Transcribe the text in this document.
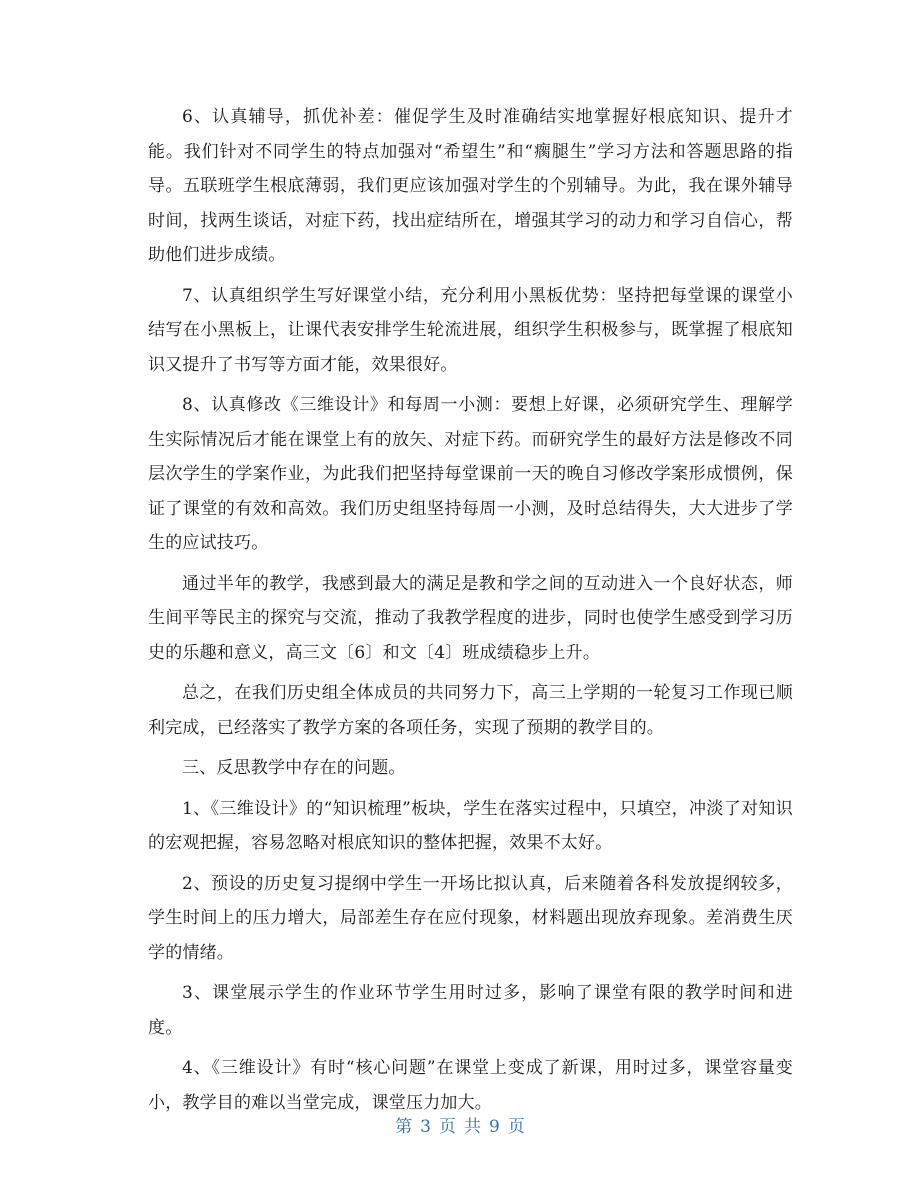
6、认真辅导，抓优补差：催促学生及时准确结实地掌握好根底知识、提升才能。我们针对不同学生的特点加强对“希望生”和“瘸腿生”学习方法和答题思路的指导。五联班学生根底薄弱，我们更应该加强对学生的个别辅导。为此，我在课外辅导时间，找两生谈话，对症下药，找出症结所在，增强其学习的动力和学习自信心，帮助他们进步成绩。

7、认真组织学生写好课堂小结，充分利用小黑板优势：坚持把每堂课的课堂小结写在小黑板上，让课代表安排学生轮流进展，组织学生积极参与，既掌握了根底知识又提升了书写等方面才能，效果很好。

8、认真修改《三维设计》和每周一小测：要想上好课，必须研究学生、理解学生实际情况后才能在课堂上有的放矢、对症下药。而研究学生的最好方法是修改不同层次学生的学案作业，为此我们把坚持每堂课前一天的晚自习修改学案形成惯例，保证了课堂的有效和高效。我们历史组坚持每周一小测，及时总结得失，大大进步了学生的应试技巧。

通过半年的教学，我感到最大的满足是教和学之间的互动进入一个良好状态，师生间平等民主的探究与交流，推动了我教学程度的进步，同时也使学生感受到学习历史的乐趣和意义，高三文〔6〕和文〔4〕班成绩稳步上升。

总之，在我们历史组全体成员的共同努力下，高三上学期的一轮复习工作现已顺利完成，已经落实了教学方案的各项任务，实现了预期的教学目的。

三、反思教学中存在的问题。

1、《三维设计》的“知识梳理”板块，学生在落实过程中，只填空，冲淡了对知识的宏观把握，容易忽略对根底知识的整体把握，效果不太好。

2、预设的历史复习提纲中学生一开场比拟认真，后来随着各科发放提纲较多，学生时间上的压力增大，局部差生存在应付现象，材料题出现放弃现象。差消费生厌学的情绪。

3、课堂展示学生的作业环节学生用时过多，影响了课堂有限的教学时间和进度。

4、《三维设计》有时“核心问题”在课堂上变成了新课，用时过多，课堂容量变小，教学目的难以当堂完成，课堂压力加大。

第 3 页 共 9 页
